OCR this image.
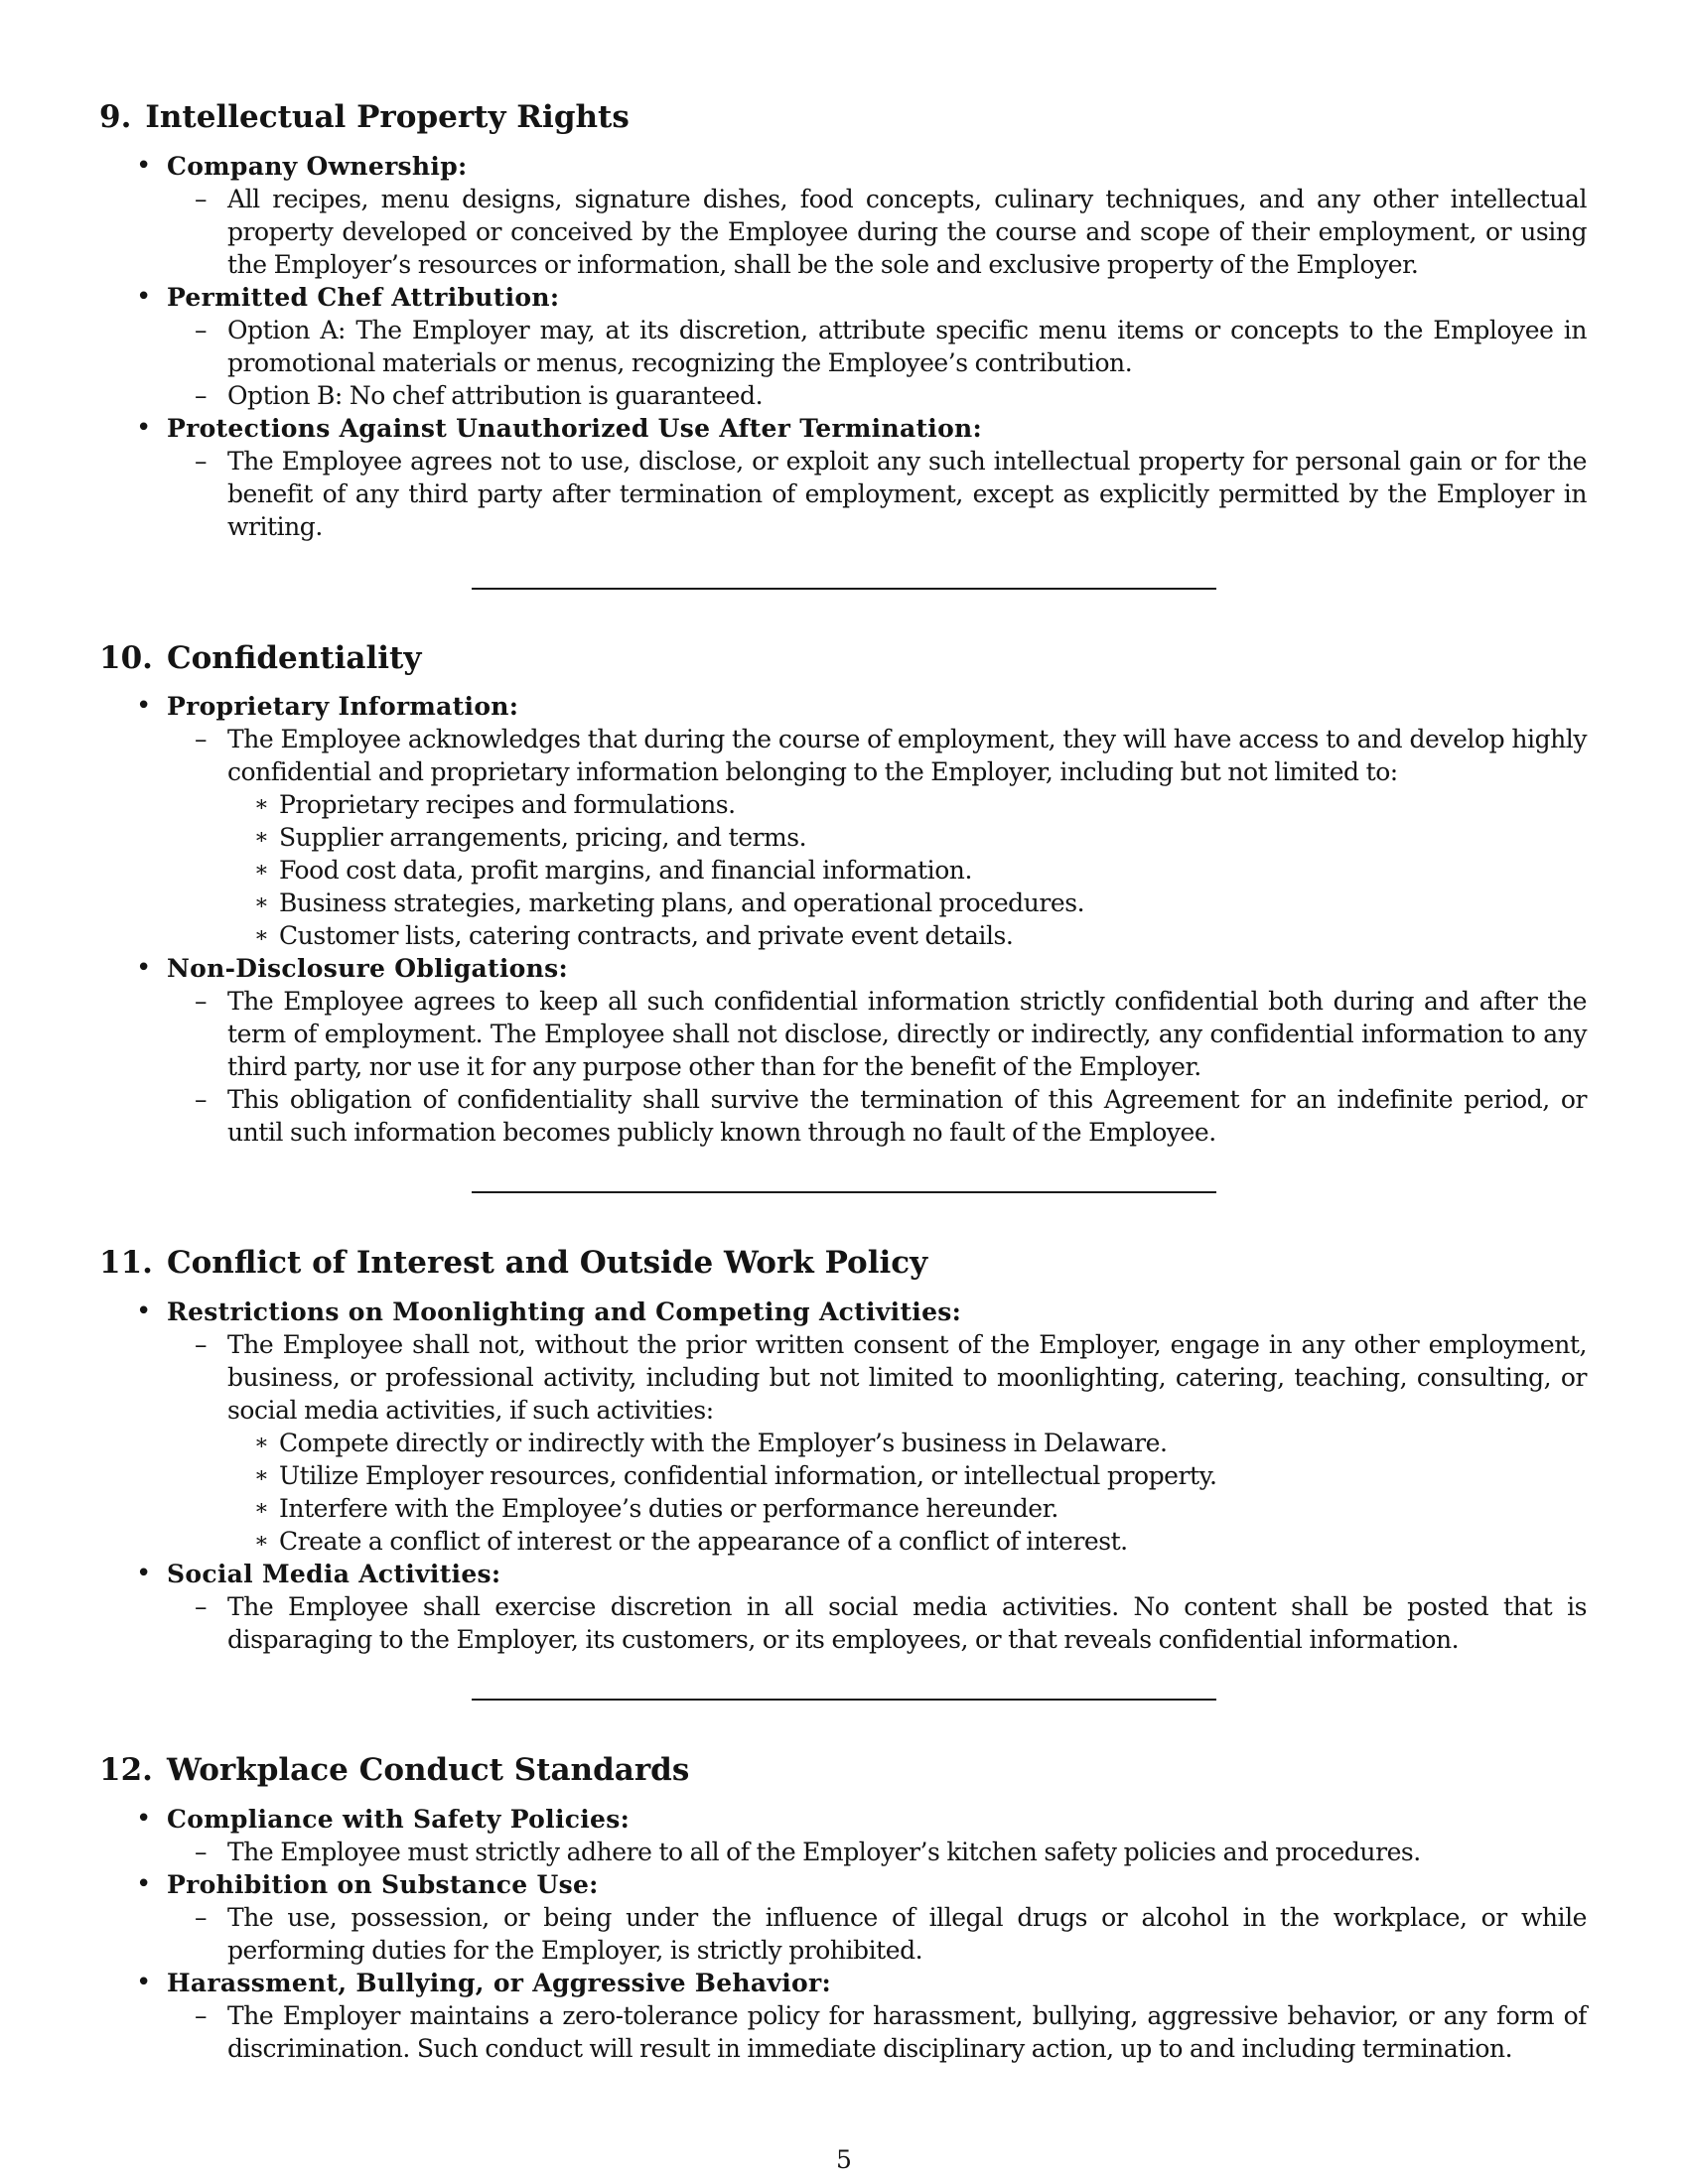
9. Intellectual Property Rights
• Company Ownership:
– All recipes, menu designs, signature dishes, food concepts, culinary techniques, and any other intellectual property developed or conceived by the Employee during the course and scope of their employment, or using the Employer’s resources or information, shall be the sole and exclusive property of the Employer.
• Permitted Chef Attribution:
– Option A: The Employer may, at its discretion, attribute specific menu items or concepts to the Employee in promotional materials or menus, recognizing the Employee’s contribution.
– Option B: No chef attribution is guaranteed.
• Protections Against Unauthorized Use After Termination:
– The Employee agrees not to use, disclose, or exploit any such intellectual property for personal gain or for the benefit of any third party after termination of employment, except as explicitly permitted by the Employer in writing.
10. Confidentiality
• Proprietary Information:
– The Employee acknowledges that during the course of employment, they will have access to and develop highly confidential and proprietary information belonging to the Employer, including but not limited to:
∗ Proprietary recipes and formulations.
∗ Supplier arrangements, pricing, and terms.
∗ Food cost data, profit margins, and financial information.
∗ Business strategies, marketing plans, and operational procedures.
∗ Customer lists, catering contracts, and private event details.
• Non-Disclosure Obligations:
– The Employee agrees to keep all such confidential information strictly confidential both during and after the term of employment. The Employee shall not disclose, directly or indirectly, any confidential information to any third party, nor use it for any purpose other than for the benefit of the Employer.
– This obligation of confidentiality shall survive the termination of this Agreement for an indefinite period, or until such information becomes publicly known through no fault of the Employee.
11. Conflict of Interest and Outside Work Policy
• Restrictions on Moonlighting and Competing Activities:
– The Employee shall not, without the prior written consent of the Employer, engage in any other employment, business, or professional activity, including but not limited to moonlighting, catering, teaching, consulting, or social media activities, if such activities:
∗ Compete directly or indirectly with the Employer’s business in Delaware.
∗ Utilize Employer resources, confidential information, or intellectual property.
∗ Interfere with the Employee’s duties or performance hereunder.
∗ Create a conflict of interest or the appearance of a conflict of interest.
• Social Media Activities:
– The Employee shall exercise discretion in all social media activities. No content shall be posted that is disparaging to the Employer, its customers, or its employees, or that reveals confidential information.
12. Workplace Conduct Standards
• Compliance with Safety Policies:
– The Employee must strictly adhere to all of the Employer’s kitchen safety policies and procedures.
• Prohibition on Substance Use:
– The use, possession, or being under the influence of illegal drugs or alcohol in the workplace, or while performing duties for the Employer, is strictly prohibited.
• Harassment, Bullying, or Aggressive Behavior:
– The Employer maintains a zero-tolerance policy for harassment, bullying, aggressive behavior, or any form of discrimination. Such conduct will result in immediate disciplinary action, up to and including termination.
5
